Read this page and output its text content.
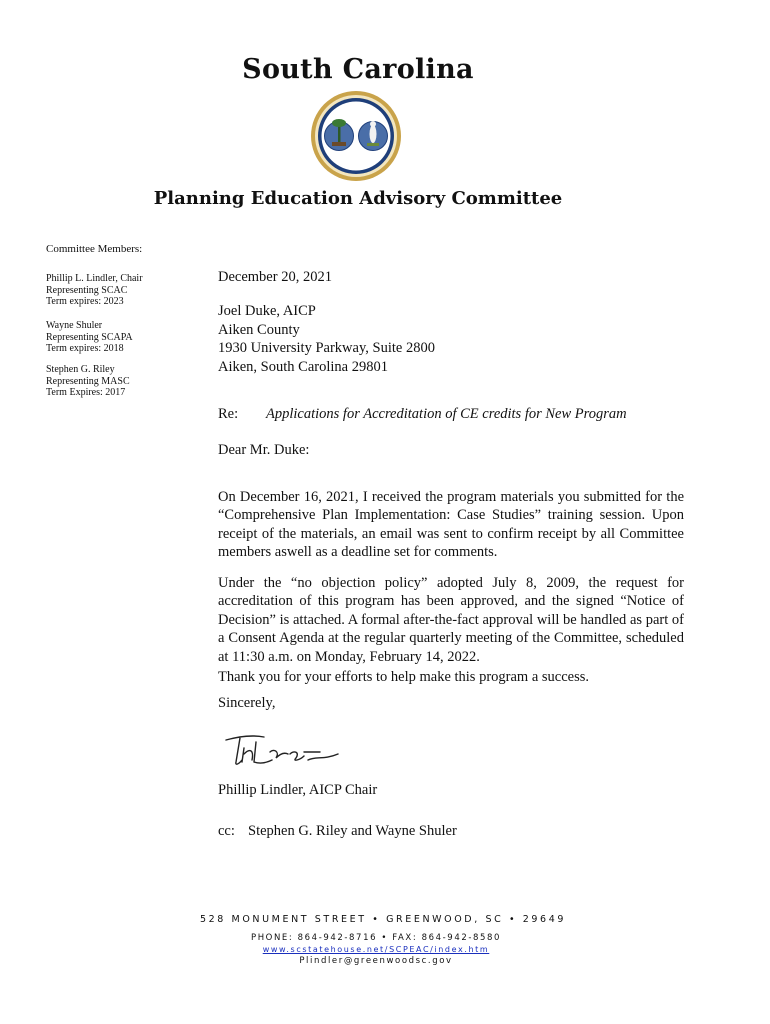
South Carolina
Planning Education Advisory Committee
Committee Members:
Phillip L. Lindler, Chair
Representing SCAC
Term expires: 2023
Wayne Shuler
Representing SCAPA
Term expires: 2018
Stephen G. Riley
Representing MASC
Term Expires: 2017
December 20, 2021
Joel Duke, AICP
Aiken County
1930 University Parkway, Suite 2800
Aiken, South Carolina 29801
Re: Applications for Accreditation of CE credits for New Program
Dear Mr. Duke:

On December 16, 2021, I received the program materials you submitted for the “Comprehensive Plan Implementation: Case Studies” training session. Upon receipt of the materials, an email was sent to confirm receipt by all Committee members aswell as a deadline set for comments.

Under the “no objection policy” adopted July 8, 2009, the request for accreditation of this program has been approved, and the signed “Notice of Decision” is attached. A formal after-the-fact approval will be handled as part of a Consent Agenda at the regular quarterly meeting of the Committee, scheduled at 11:30 a.m. on Monday, February 14, 2022.

Thank you for your efforts to help make this program a success.
Sincerely,
Phillip Lindler, AICP Chair
cc: Stephen G. Riley and Wayne Shuler
528 MONUMENT STREET • GREENWOOD, SC • 29649
PHONE: 864-942-8716 • FAX: 864-942-8580
www.scstatehouse.net/SCPEAC/index.htm
Plindler@greenwoodsc.gov
